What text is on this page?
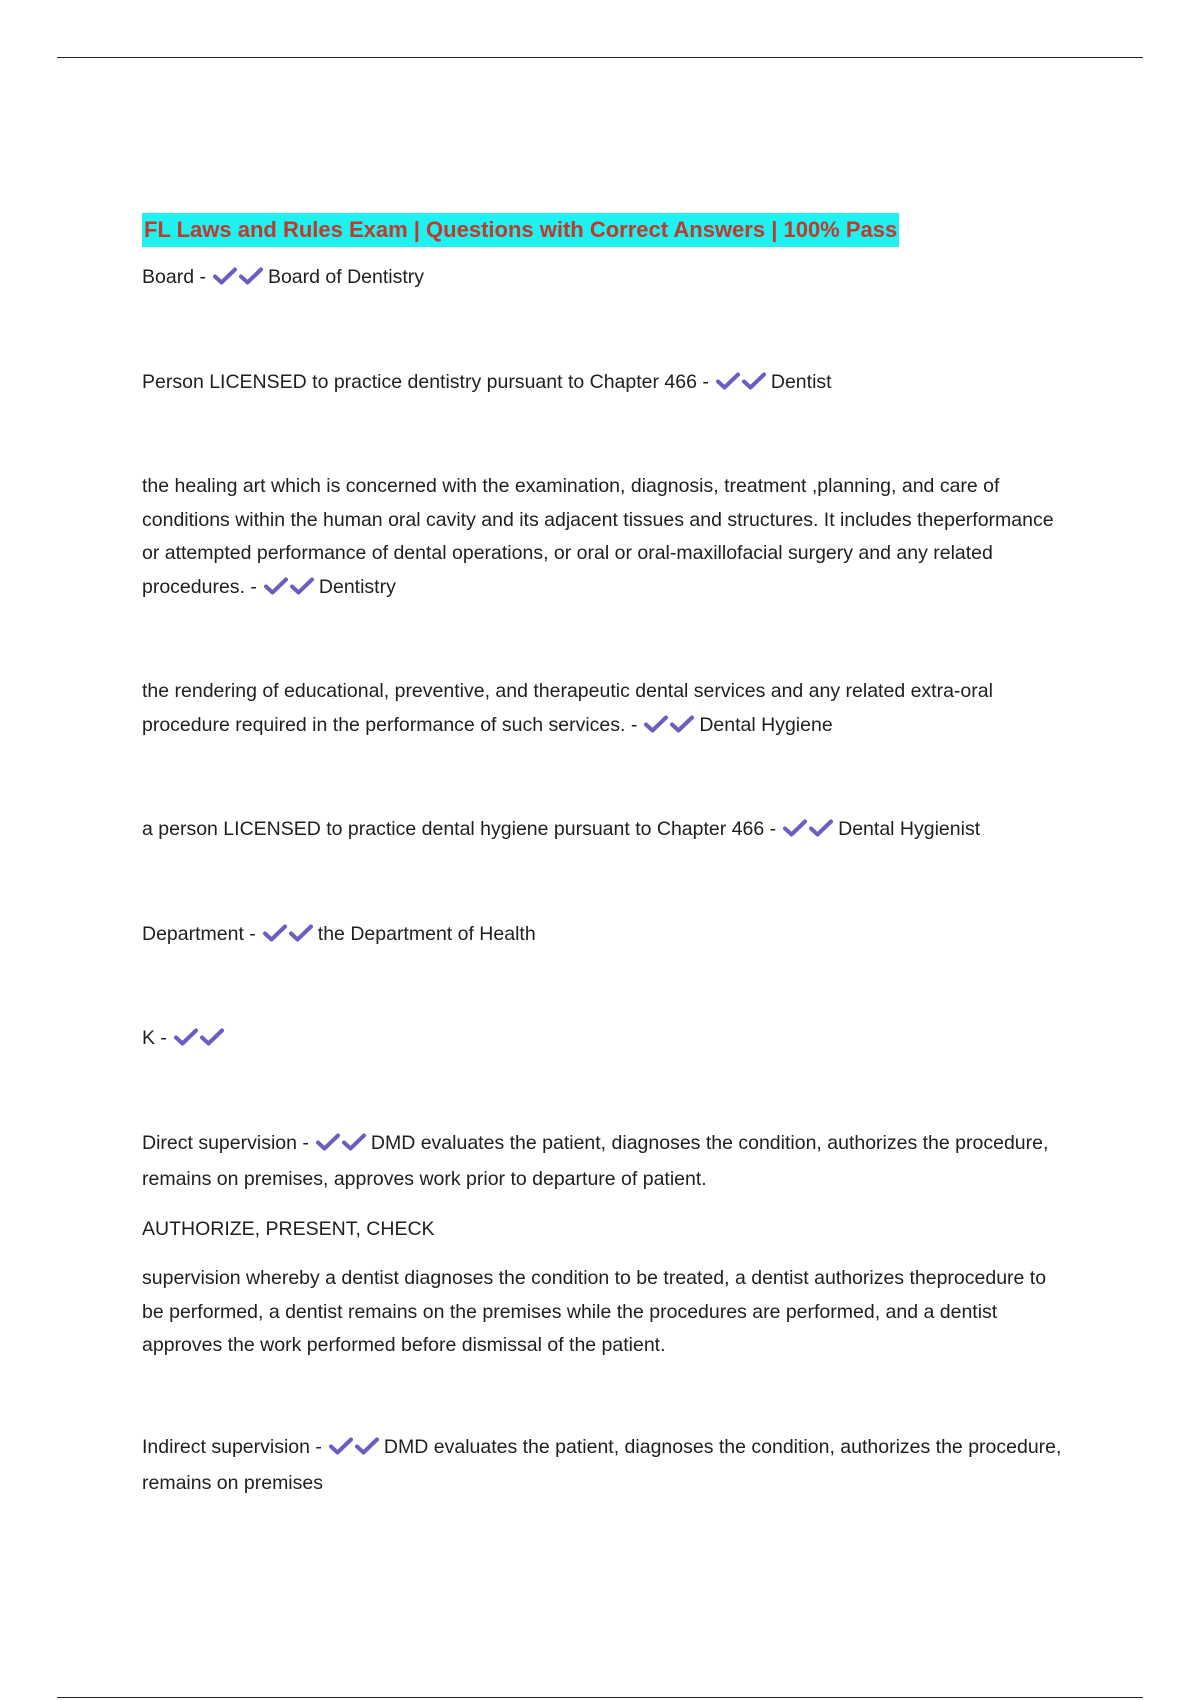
FL Laws and Rules Exam | Questions with Correct Answers | 100% Pass
Board -	Board of Dentistry
Person LICENSED to practice dentistry pursuant to Chapter 466 -	Dentist
the healing art which is concerned with the examination, diagnosis, treatment ,planning, and care of conditions within the human oral cavity and its adjacent tissues and structures. It includes theperformance or attempted performance of dental operations, or oral or oral-maxillofacial surgery and any related procedures. -	Dentistry
the rendering of educational, preventive, and therapeutic dental services and any related extra-oral procedure required in the performance of such services. -	Dental Hygiene
a person LICENSED to practice dental hygiene pursuant to Chapter 466 -	Dental Hygienist
Department -	the Department of Health
K -

Direct supervision -	DMD evaluates the patient, diagnoses the condition, authorizes the procedure, remains on premises, approves work prior to departure of patient.

AUTHORIZE, PRESENT, CHECK

supervision whereby a dentist diagnoses the condition to be treated, a dentist authorizes theprocedure to be performed, a dentist remains on the premises while the procedures are performed, and a dentist approves the work performed before dismissal of the patient.

Indirect supervision -	DMD evaluates the patient, diagnoses the condition, authorizes the procedure, remains on premises
